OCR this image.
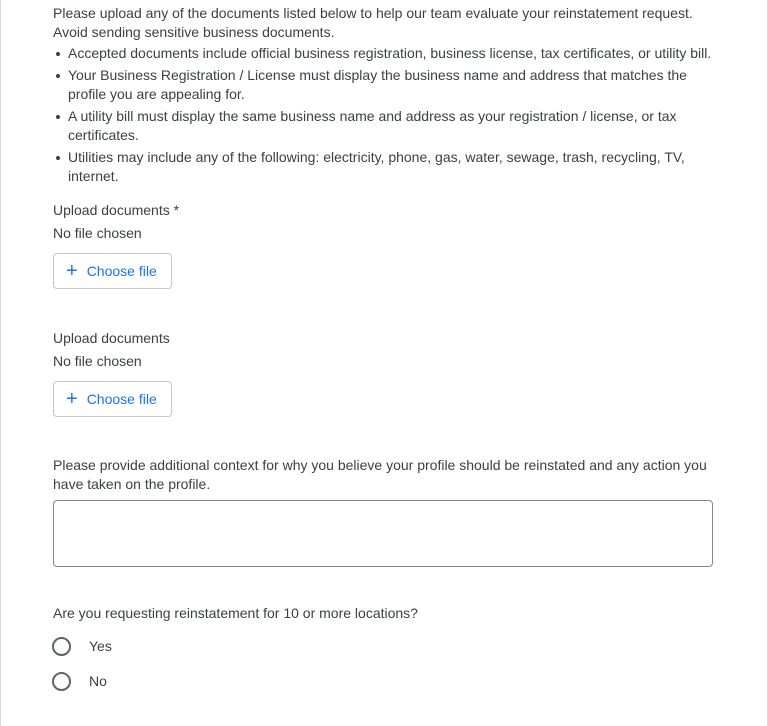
Please upload any of the documents listed below to help our team evaluate your reinstatement request. Avoid sending sensitive business documents.

Accepted documents include official business registration, business license, tax certificates, or utility bill.
Your Business Registration / License must display the business name and address that matches the profile you are appealing for.
A utility bill must display the same business name and address as your registration / license, or tax certificates.
Utilities may include any of the following: electricity, phone, gas, water, sewage, trash, recycling, TV, internet.
Upload documents *
No file chosen
+ Choose file
Upload documents
No file chosen
+ Choose file
Please provide additional context for why you believe your profile should be reinstated and any action you have taken on the profile.
Are you requesting reinstatement for 10 or more locations?
Yes
No
